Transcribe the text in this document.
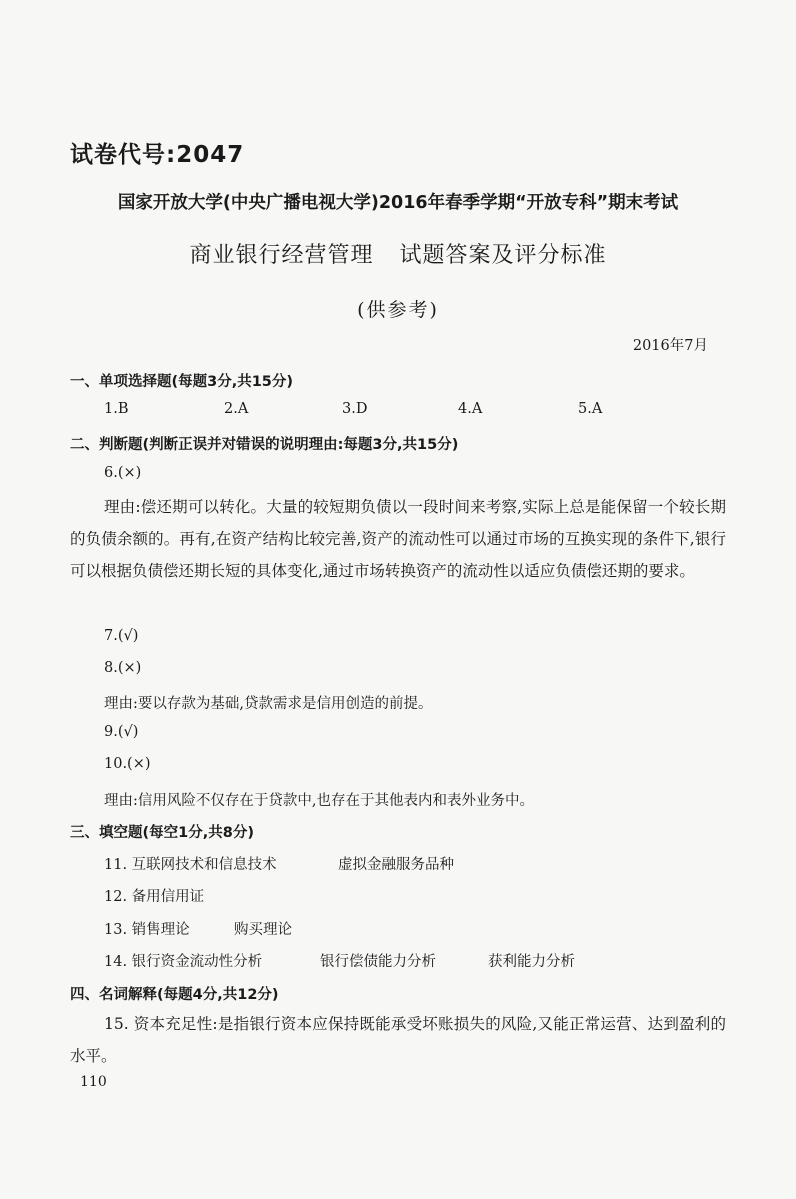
试卷代号:2047
国家开放大学(中央广播电视大学)2016年春季学期“开放专科”期末考试
商业银行经营管理 试题答案及评分标准
(供参考)
2016年7月
一、单项选择题(每题3分,共15分)
1.B	2.A	3.D	4.A	5.A
二、判断题(判断正误并对错误的说明理由:每题3分,共15分)
6.(×)
理由:偿还期可以转化。大量的较短期负债以一段时间来考察,实际上总是能保留一个较长期的负债余额的。再有,在资产结构比较完善,资产的流动性可以通过市场的互换实现的条件下,银行可以根据负债偿还期长短的具体变化,通过市场转换资产的流动性以适应负债偿还期的要求。
7.(√)
8.(×)
理由:要以存款为基础,贷款需求是信用创造的前提。
9.(√)
10.(×)
理由:信用风险不仅存在于贷款中,也存在于其他表内和表外业务中。
三、填空题(每空1分,共8分)
11. 互联网技术和信息技术	虚拟金融服务品种
12. 备用信用证
13. 销售理论	购买理论
14. 银行资金流动性分析	银行偿债能力分析	获利能力分析
四、名词解释(每题4分,共12分)
15. 资本充足性:是指银行资本应保持既能承受坏账损失的风险,又能正常运营、达到盈利的水平。
110
